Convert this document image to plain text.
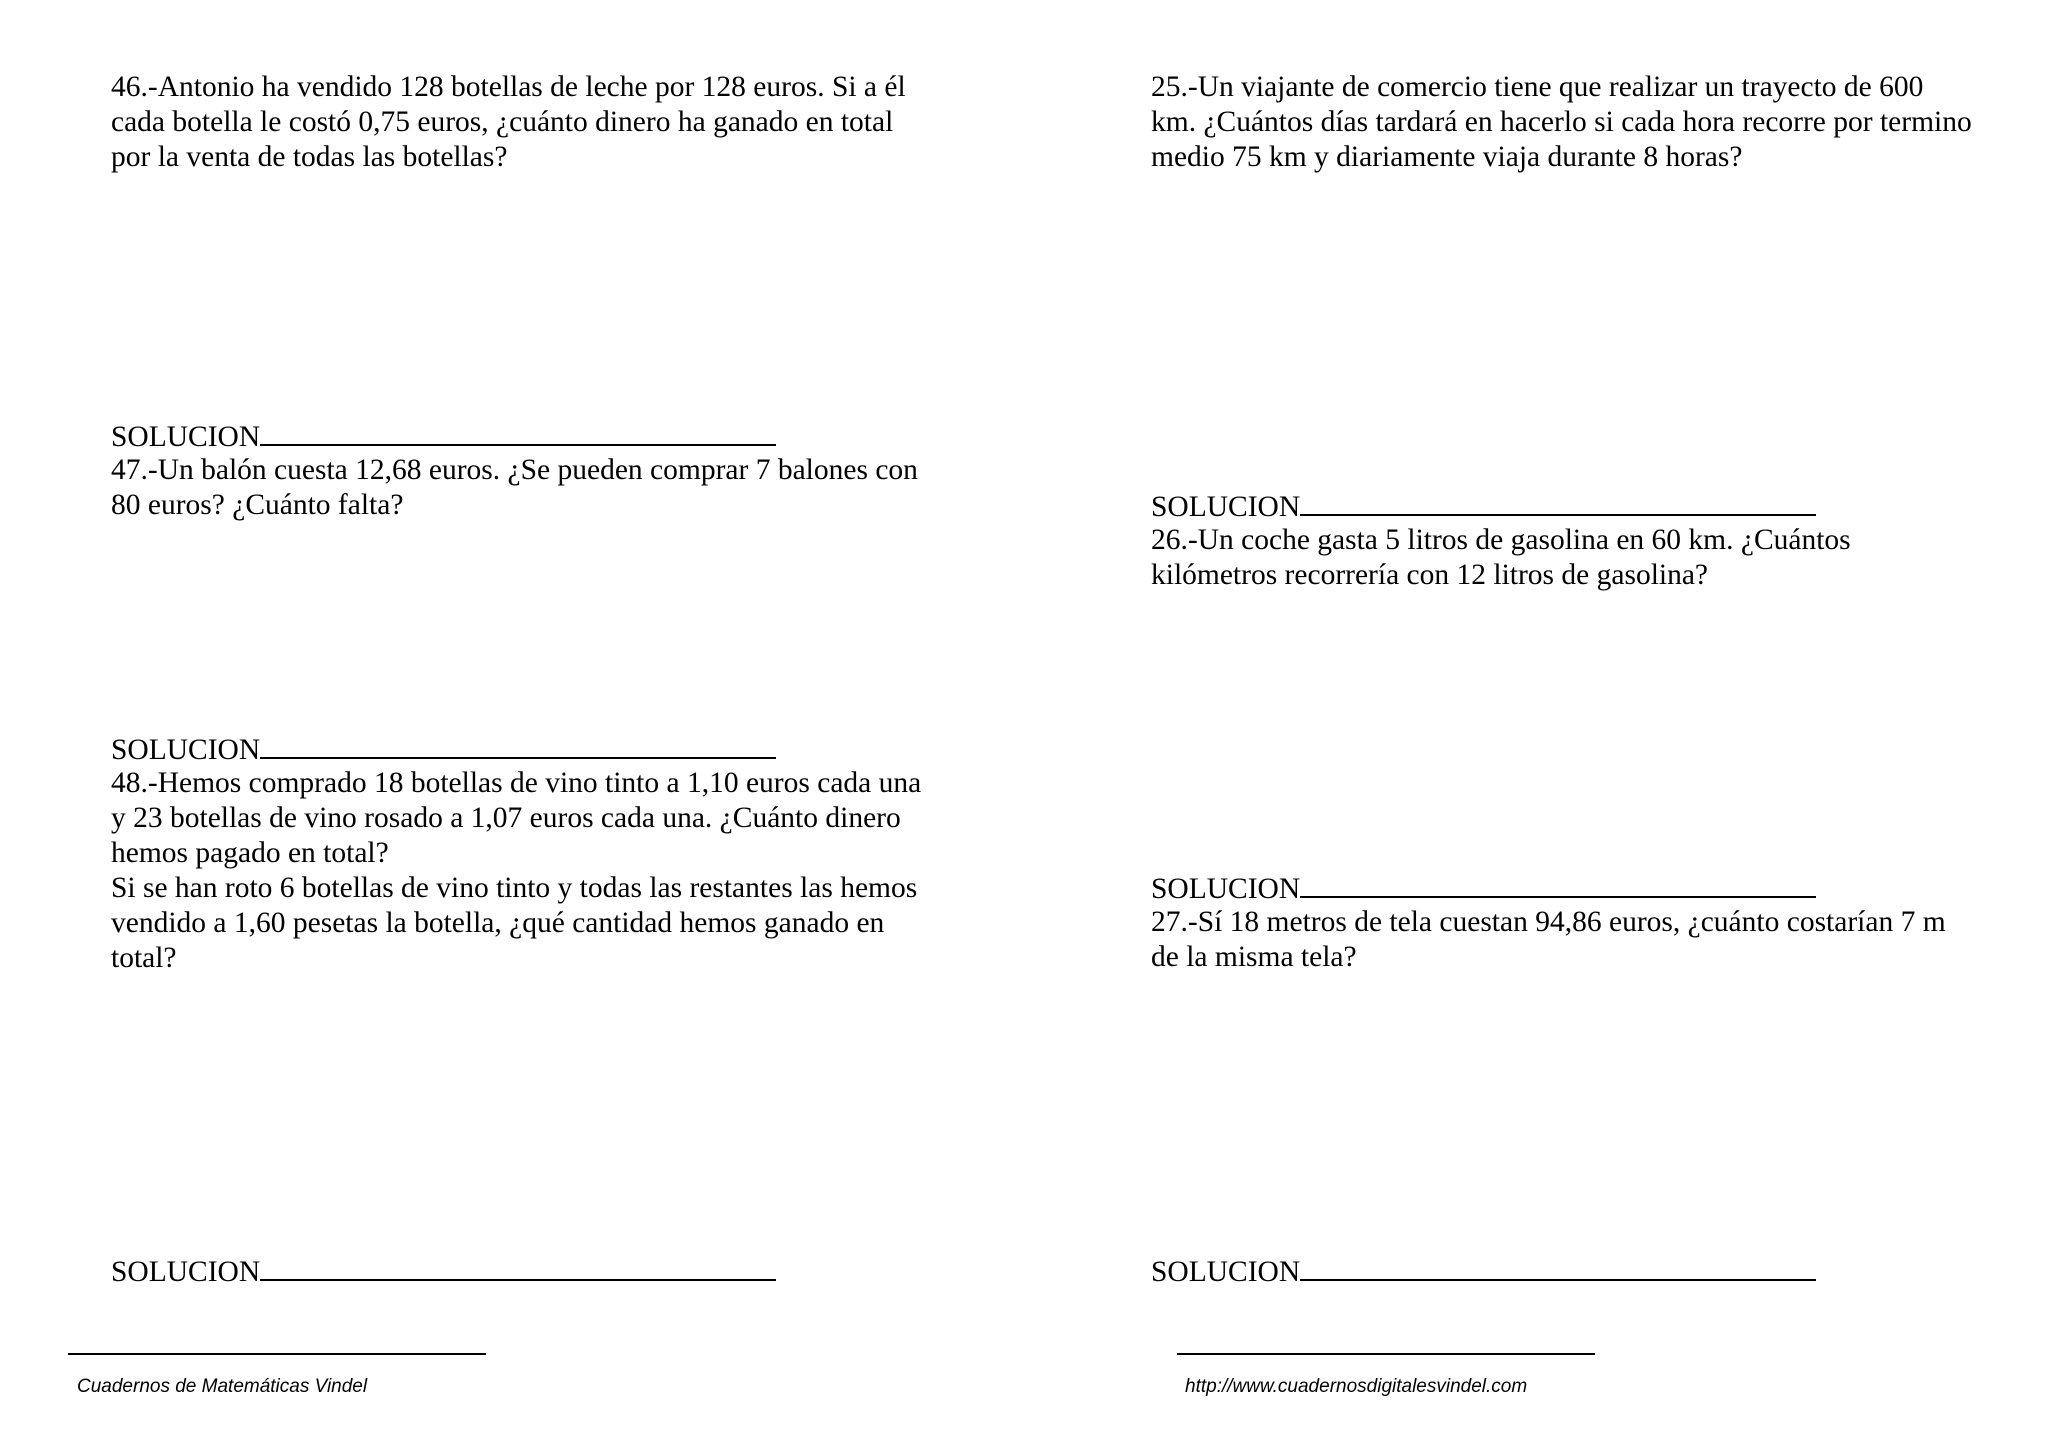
46.-Antonio ha vendido 128 botellas de leche por 128 euros. Si a él
cada botella le costó 0,75 euros, ¿cuánto dinero ha ganado en total
por la venta de todas las botellas?
SOLUCION
47.-Un balón cuesta 12,68 euros. ¿Se pueden comprar 7 balones con
80 euros? ¿Cuánto falta?
SOLUCION
48.-Hemos comprado 18 botellas de vino tinto a 1,10 euros cada una
y 23 botellas de vino rosado a 1,07 euros cada una. ¿Cuánto dinero
hemos pagado en total?
Si se han roto 6 botellas de vino tinto y todas las restantes las hemos
vendido a 1,60 pesetas la botella, ¿qué cantidad hemos ganado en
total?
SOLUCION
25.-Un viajante de comercio tiene que realizar un trayecto de 600
km. ¿Cuántos días tardará en hacerlo si cada hora recorre por termino
medio 75 km y diariamente viaja durante 8 horas?
SOLUCION
26.-Un coche gasta 5 litros de gasolina en 60 km. ¿Cuántos
kilómetros recorrería con 12 litros de gasolina?
SOLUCION
27.-Sí 18 metros de tela cuestan 94,86 euros, ¿cuánto costarían 7 m
de la misma tela?
SOLUCION
Cuadernos de Matemáticas Vindel	http://www.cuadernosdigitalesvindel.com
